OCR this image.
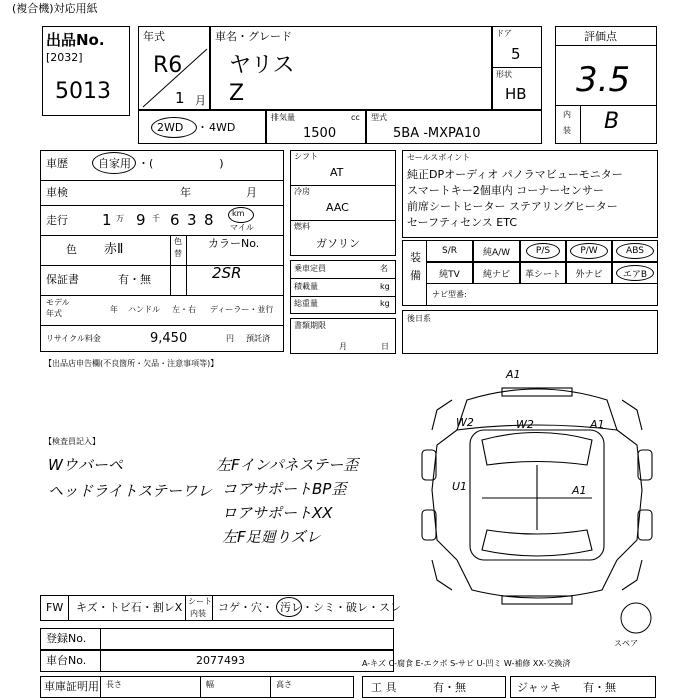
(複合機)対応用紙
出品No.
[2032]
5013
年式
R6
1 月
車名・グレード
ヤリス
Z
ドア
5
形状
HB
評価点
3.5
内
装 B
2WD ・ 4WD
排気量	cc
1500
型式
5BA -MXPA10
車歴	自家用 ・(　　　　　　)
車検	年	月
走行 1 万 9 千 6 3 8 km
マイル
色 赤Ⅱ
色
替
カラーNo.
2SR
保証書	有・無
モデル
年式	年 ハンドル 左・右 ディーラー・並行
リサイクル料金	9,450	円 預託済
シフト
AT
冷房
AAC
燃料
ガソリン
乗車定員	名
積載量	kg
総重量	kg
書類期限
月	日
セールスポイント
純正DPオーディオ パノラマビューモニター
スマートキー2個車内 コーナーセンサー
前席シートヒーター ステアリングヒーター
セーフティセンス ETC
装
備
S/R	純A/W	P/S	P/W	ABS
純TV	純ナビ	革シート	外ナビ	エアB
ナビ型番:
後日系
【出品店申告欄(不良箇所・欠品・注意事項等)】
【検査員記入】
Wウバーペ
ヘッドライトステーワレ
左Fインパネステー歪
コアサポートBP歪
ロアサポートXX
左F足廻りズレ
A1
W2	A1
W2
U1	A1
スペア
FW キズ・トビ石・割レX シート
内装 コゲ・穴・ 汚レ ・シミ・破レ・スレ
登録No.
車台No.	2077493
車庫証明用 長さ	幅	高さ
A-キズ C-腐食 E-エクボ S-サビ U-凹ミ W-補修 XX-交換済
工 具	有・無	ジャッキ 有・無
